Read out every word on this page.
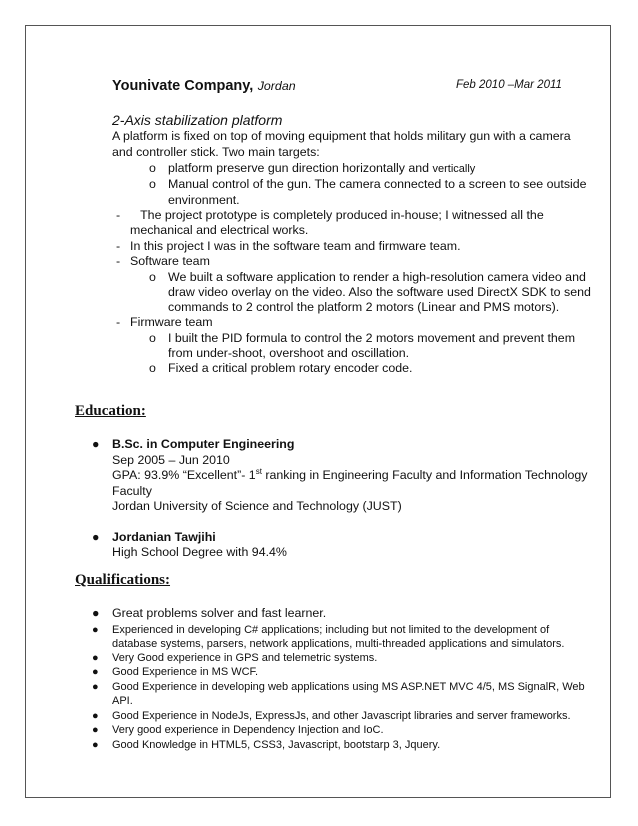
Younivate Company, Jordan	Feb 2010 –Mar 2011
2-Axis stabilization platform
A platform is fixed on top of moving equipment that holds military gun with a camera
and controller stick. Two main targets:
o platform preserve gun direction horizontally and vertically
o Manual control of the gun. The camera connected to a screen to see outside
environment.
- The project prototype is completely produced in-house; I witnessed all the
mechanical and electrical works.
- In this project I was in the software team and firmware team.
- Software team
o We built a software application to render a high-resolution camera video and
draw video overlay on the video. Also the software used DirectX SDK to send
commands to 2 control the platform 2 motors (Linear and PMS motors).
- Firmware team
o I built the PID formula to control the 2 motors movement and prevent them
from under-shoot, overshoot and oscillation.
o Fixed a critical problem rotary encoder code.
Education:
● B.Sc. in Computer Engineering
Sep 2005 – Jun 2010
GPA: 93.9% “Excellent”- 1st ranking in Engineering Faculty and Information Technology
Faculty
Jordan University of Science and Technology (JUST)
● Jordanian Tawjihi
High School Degree with 94.4%
Qualifications:
● Great problems solver and fast learner.
● Experienced in developing C# applications; including but not limited to the development of
database systems, parsers, network applications, multi-threaded applications and simulators.
● Very Good experience in GPS and telemetric systems.
● Good Experience in MS WCF.
● Good Experience in developing web applications using MS ASP.NET MVC 4/5, MS SignalR, Web
API.
● Good Experience in NodeJs, ExpressJs, and other Javascript libraries and server frameworks.
● Very good experience in Dependency Injection and IoC.
● Good Knowledge in HTML5, CSS3, Javascript, bootstarp 3, Jquery.
